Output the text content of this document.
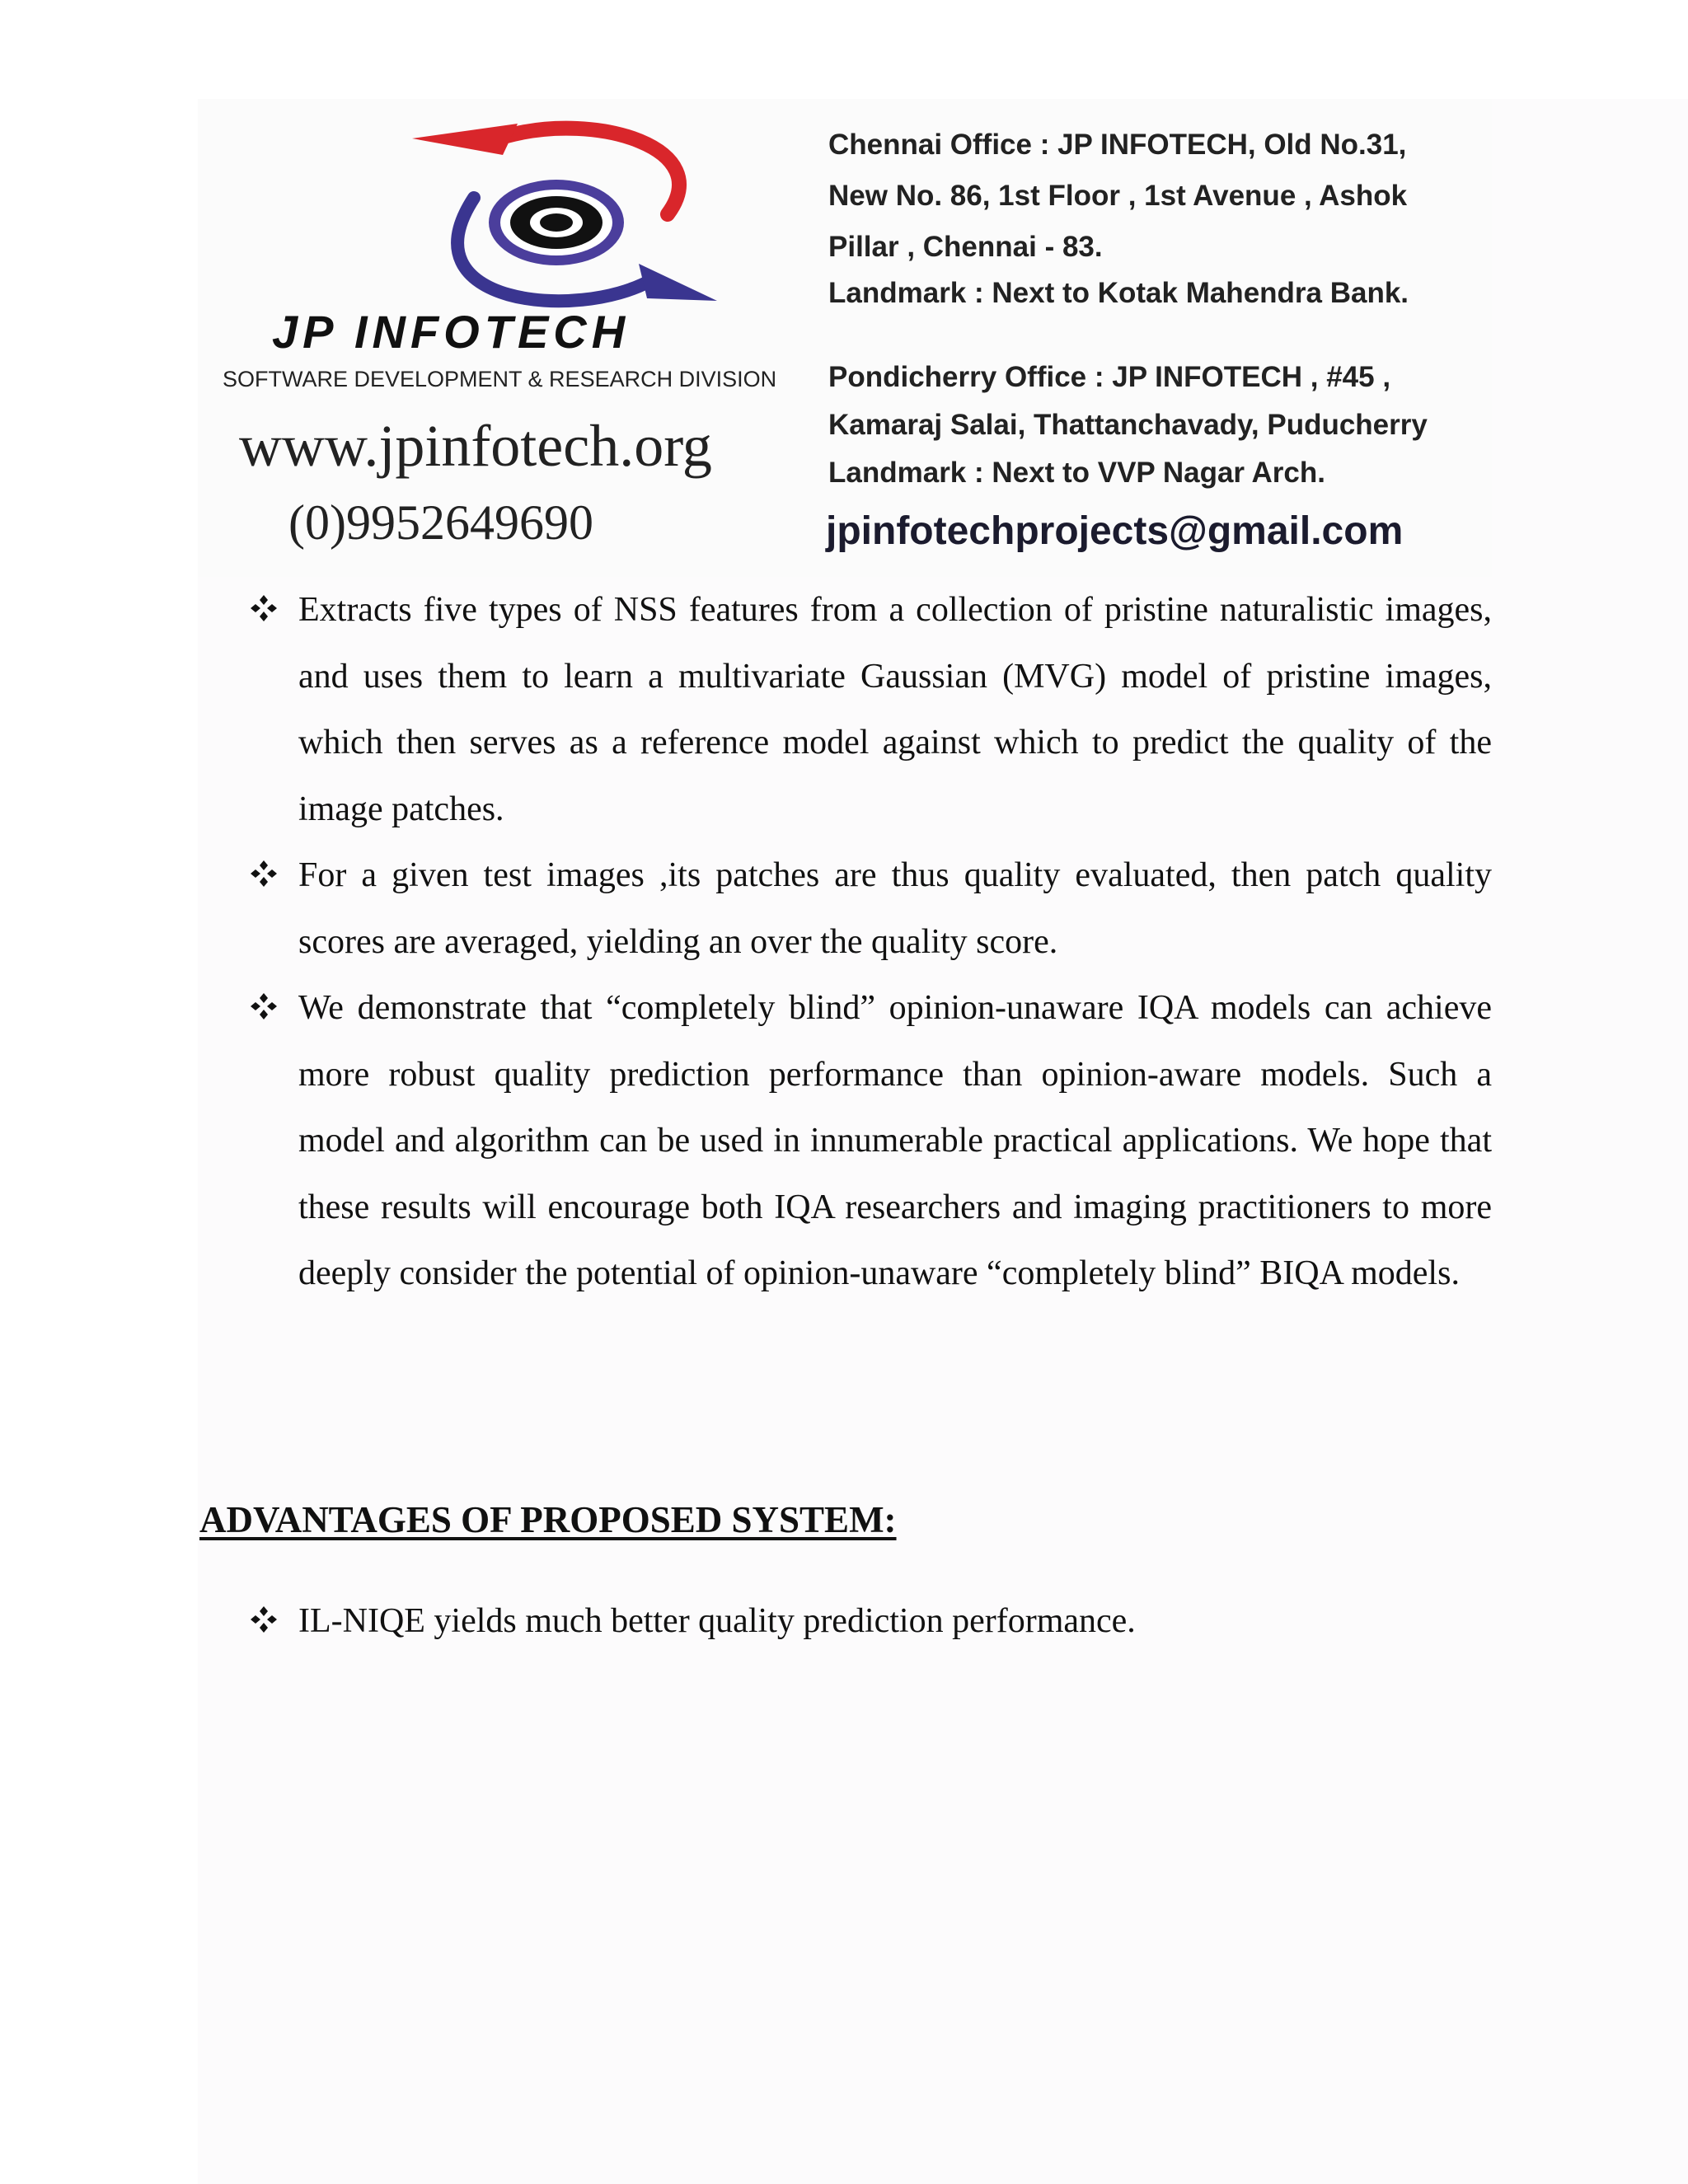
JP INFOTECH
SOFTWARE DEVELOPMENT & RESEARCH DIVISION
www.jpinfotech.org
(0)9952649690
Chennai Office : JP INFOTECH, Old No.31,
New No. 86, 1st Floor , 1st Avenue , Ashok
Pillar , Chennai - 83.
Landmark : Next to Kotak Mahendra Bank.
Pondicherry Office : JP INFOTECH , #45 ,
Kamaraj Salai, Thattanchavady, Puducherry
Landmark : Next to VVP Nagar Arch.
jpinfotechprojects@gmail.com
Extracts five types of NSS features from a collection of pristine naturalistic images, and uses them to learn a multivariate Gaussian (MVG) model of pristine images, which then serves as a reference model against which to predict the quality of the image patches.
For a given test images ,its patches are thus quality evaluated, then patch quality scores are averaged, yielding an over the quality score.
We demonstrate that “completely blind” opinion-unaware IQA models can achieve more robust quality prediction performance than opinion-aware models. Such a model and algorithm can be used in innumerable practical applications. We hope that these results will encourage both IQA researchers and imaging practitioners to more deeply consider the potential of opinion-unaware “completely blind” BIQA models.
ADVANTAGES OF PROPOSED SYSTEM:
IL-NIQE yields much better quality prediction performance.
